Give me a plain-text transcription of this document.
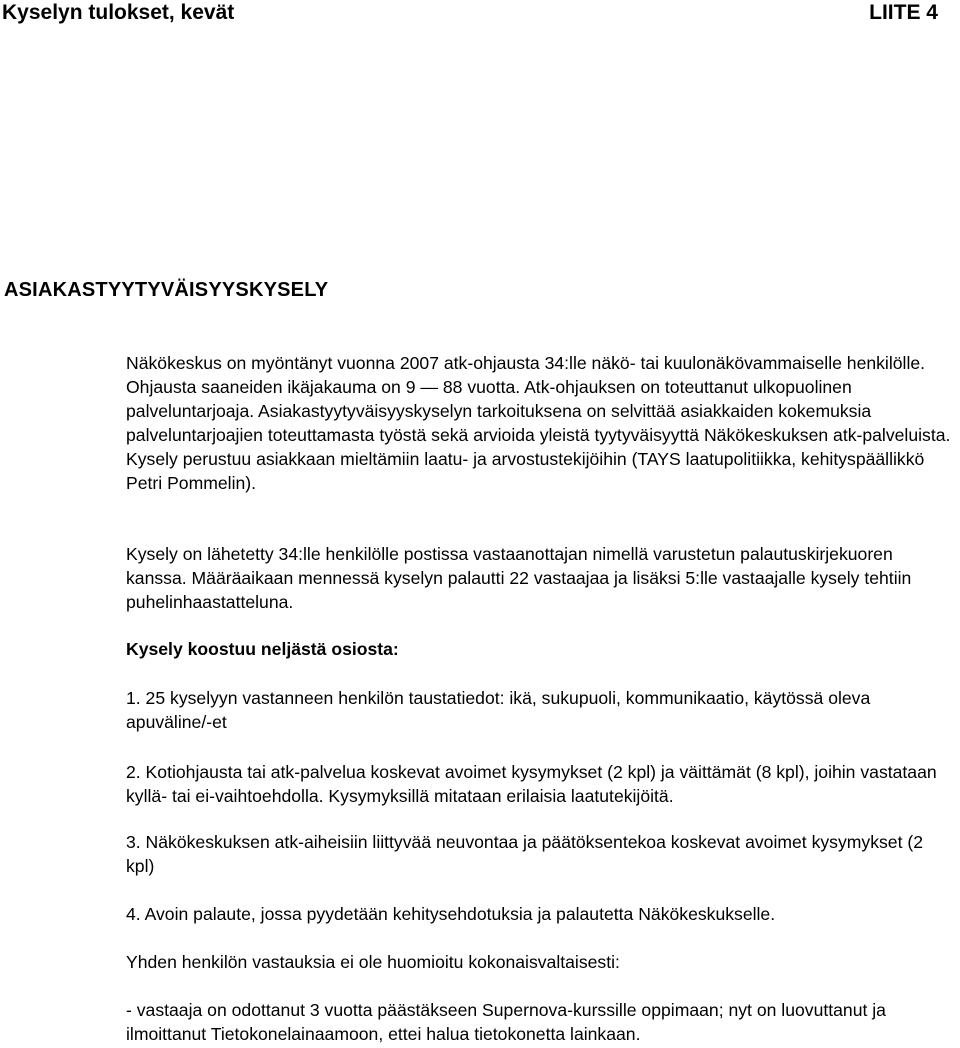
Kyselyn tulokset, kevät	LIITE 4
ASIAKASTYYTYVÄISYYSKYSELY

Näkökeskus on myöntänyt vuonna 2007 atk-ohjausta 34:lle näkö- tai kuulonäkövammaiselle henkilölle. Ohjausta saaneiden ikäjakauma on 9 — 88 vuotta. Atk-ohjauksen on toteuttanut ulkopuolinen palveluntarjoaja. Asiakastyytyväisyyskyselyn tarkoituksena on selvittää asiakkaiden kokemuksia palveluntarjoajien toteuttamasta työstä sekä arvioida yleistä tyytyväisyyttä Näkökeskuksen atk-palveluista. Kysely perustuu asiakkaan mieltämiin laatu- ja arvostustekijöihin (TAYS laatupolitiikka, kehityspäällikkö Petri Pommelin).

Kysely on lähetetty 34:lle henkilölle postissa vastaanottajan nimellä varustetun palautuskirjekuoren kanssa. Määräaikaan mennessä kyselyn palautti 22 vastaajaa ja lisäksi 5:lle vastaajalle kysely tehtiin puhelinhaastatteluna.

Kysely koostuu neljästä osiosta:

1. 25 kyselyyn vastanneen henkilön taustatiedot: ikä, sukupuoli, kommunikaatio, käytössä oleva apuväline/-et

2. Kotiohjausta tai atk-palvelua koskevat avoimet kysymykset (2 kpl) ja väittämät (8 kpl), joihin vastataan kyllä- tai ei-vaihtoehdolla. Kysymyksillä mitataan erilaisia laatutekijöitä.

3. Näkökeskuksen atk-aiheisiin liittyvää neuvontaa ja päätöksentekoa koskevat avoimet kysymykset (2 kpl)

4. Avoin palaute, jossa pyydetään kehitysehdotuksia ja palautetta Näkökeskukselle.

Yhden henkilön vastauksia ei ole huomioitu kokonaisvaltaisesti:

- vastaaja on odottanut 3 vuotta päästäkseen Supernova-kurssille oppimaan; nyt on luovuttanut ja ilmoittanut Tietokonelainaamoon, ettei halua tietokonetta lainkaan.
